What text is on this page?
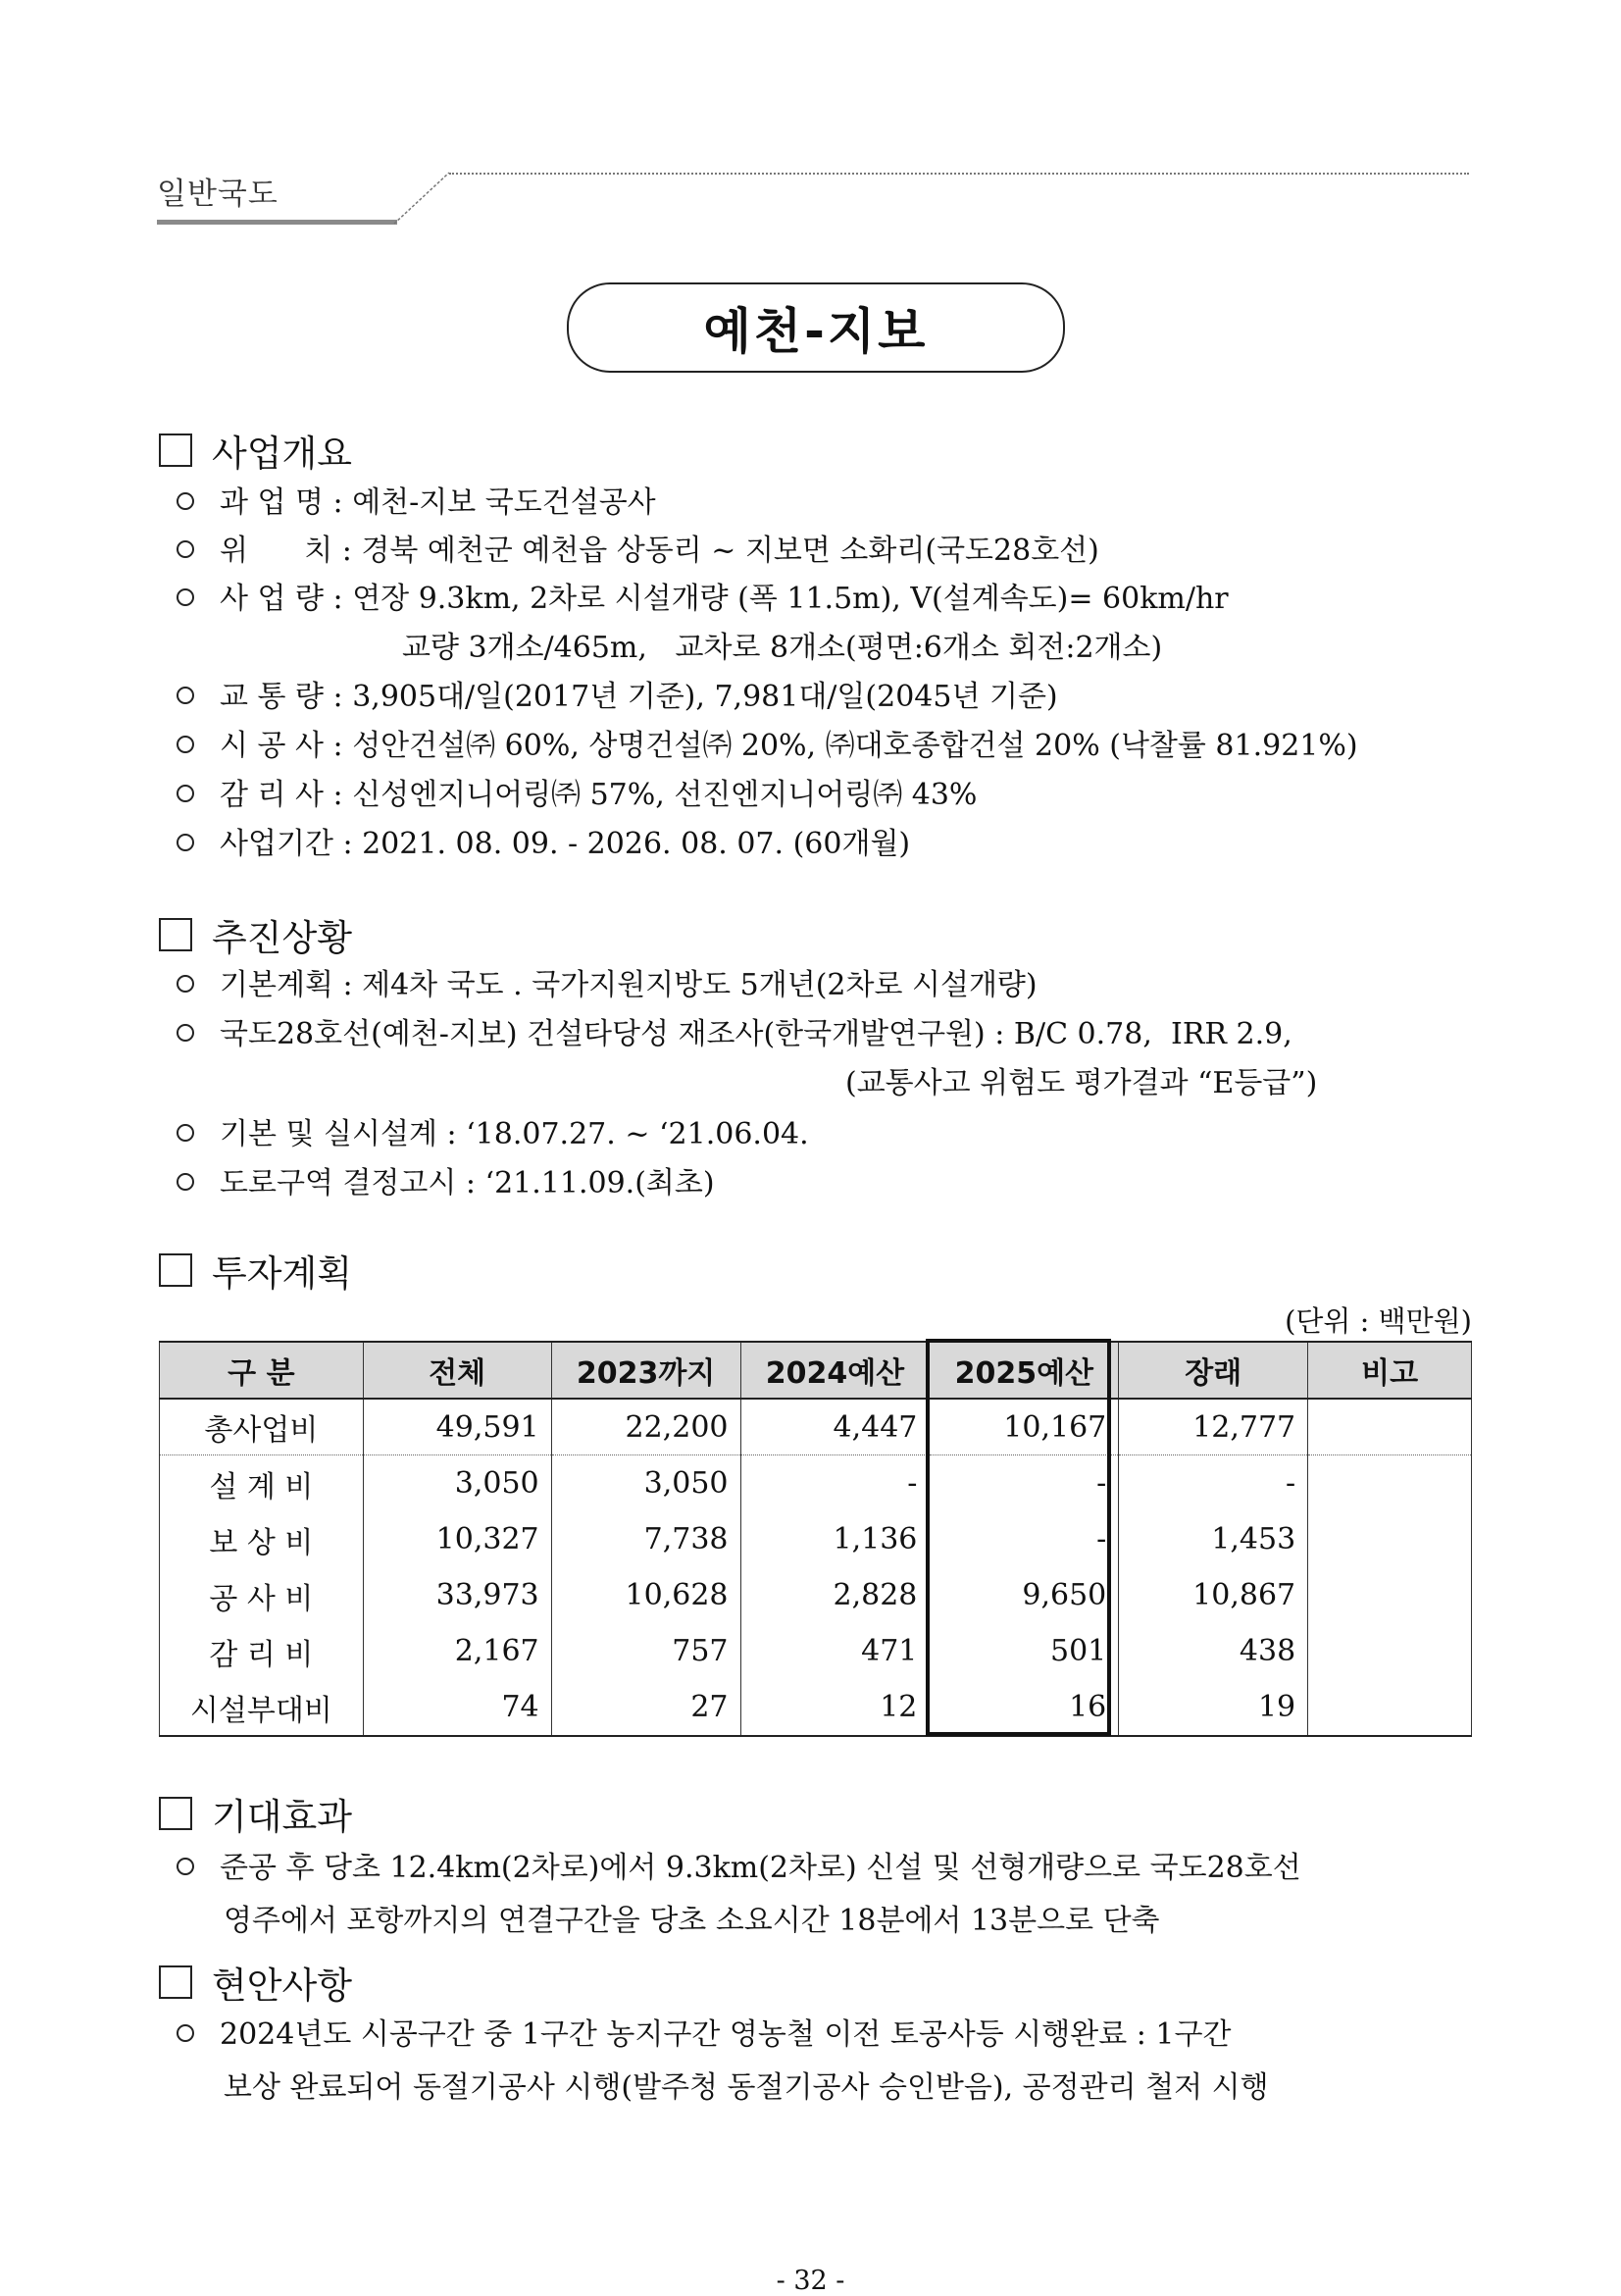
일반국도
예천-지보
사업개요
과 업 명 : 예천-지보 국도건설공사
위      치 : 경북 예천군 예천읍 상동리 ~ 지보면 소화리(국도28호선)
사 업 량 : 연장 9.3km, 2차로 시설개량 (폭 11.5m), V(설계속도)= 60km/hr
교량 3개소/465m,   교차로 8개소(평면:6개소 회전:2개소)
교 통 량 : 3,905대/일(2017년 기준), 7,981대/일(2045년 기준)
시 공 사 : 성안건설㈜ 60%, 상명건설㈜ 20%, ㈜대호종합건설 20% (낙찰률 81.921%)
감 리 사 : 신성엔지니어링㈜ 57%, 선진엔지니어링㈜ 43%
사업기간 : 2021. 08. 09. - 2026. 08. 07. (60개월)
추진상황
기본계획 : 제4차 국도 . 국가지원지방도 5개년(2차로 시설개량)
국도28호선(예천-지보) 건설타당성 재조사(한국개발연구원) : B/C 0.78,  IRR 2.9,
(교통사고 위험도 평가결과 “E등급”)
기본 및 실시설계 : ‘18.07.27. ~ ‘21.06.04.
도로구역 결정고시 : ‘21.11.09.(최초)
투자계획
(단위 : 백만원)
구 분	전체	2023까지	2024예산	2025예산	장래	비고
총사업비	49,591	22,200	4,447	10,167	12,777	
설 계 비	3,050	3,050	-	-	-	
보 상 비	10,327	7,738	1,136	-	1,453	
공 사 비	33,973	10,628	2,828	9,650	10,867	
감 리 비	2,167	757	471	501	438	
시설부대비	74	27	12	16	19	
기대효과
준공 후 당초 12.4km(2차로)에서 9.3km(2차로) 신설 및 선형개량으로 국도28호선
영주에서 포항까지의 연결구간을 당초 소요시간 18분에서 13분으로 단축
현안사항
2024년도 시공구간 중 1구간 농지구간 영농철 이전 토공사등 시행완료 : 1구간
보상 완료되어 동절기공사 시행(발주청 동절기공사 승인받음), 공정관리 철저 시행
- 32 -
